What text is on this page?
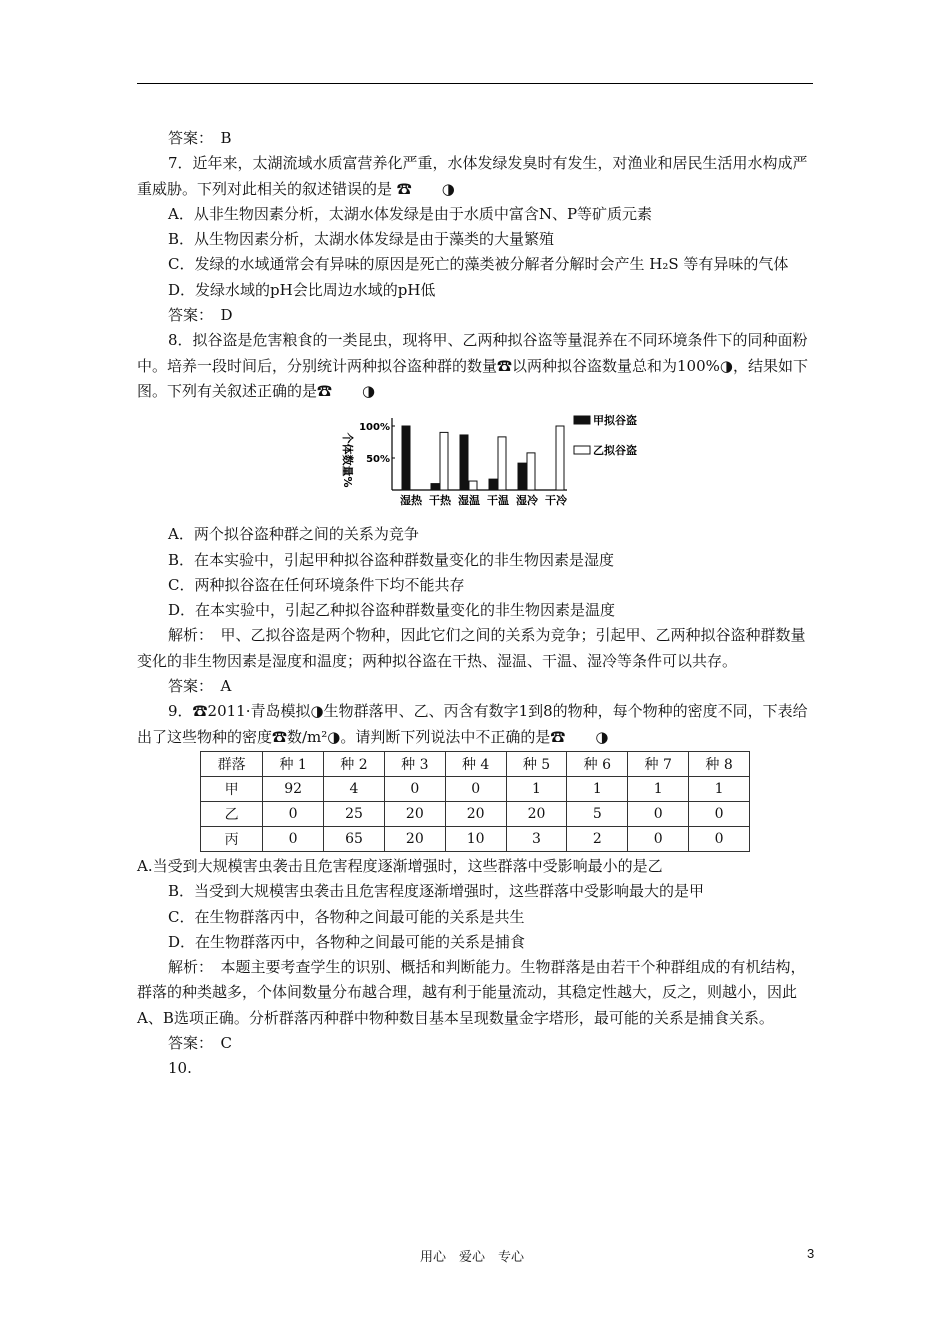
答案：　B

7．近年来，太湖流域水质富营养化严重，水体发绿发臭时有发生，对渔业和居民生活用水构成严重威胁。下列对此相关的叙述错误的是 ☎　　◑

A．从非生物因素分析，太湖水体发绿是由于水质中富含N、P等矿质元素

B．从生物因素分析，太湖水体发绿是由于藻类的大量繁殖

C．发绿的水域通常会有异味的原因是死亡的藻类被分解者分解时会产生 H₂S 等有异味的气体

D．发绿水域的pH会比周边水域的pH低

答案：　D

8．拟谷盗是危害粮食的一类昆虫，现将甲、乙两种拟谷盗等量混养在不同环境条件下的同种面粉中。培养一段时间后，分别统计两种拟谷盗种群的数量☎以两种拟谷盗数量总和为100%◑，结果如下图。下列有关叙述正确的是☎　　◑

个体数量%
100%
50%
湿热 干热 湿温 干温 湿冷 干冷
甲拟谷盗
乙拟谷盗

A．两个拟谷盗种群之间的关系为竞争

B．在本实验中，引起甲种拟谷盗种群数量变化的非生物因素是湿度

C．两种拟谷盗在任何环境条件下均不能共存

D．在本实验中，引起乙种拟谷盗种群数量变化的非生物因素是温度

解析：　甲、乙拟谷盗是两个物种，因此它们之间的关系为竞争；引起甲、乙两种拟谷盗种群数量变化的非生物因素是湿度和温度；两种拟谷盗在干热、湿温、干温、湿冷等条件可以共存。

答案：　A

9．☎2011·青岛模拟◑生物群落甲、乙、丙含有数字1到8的物种，每个物种的密度不同，下表给出了这些物种的密度☎数/m²◑。请判断下列说法中不正确的是☎　　◑

群落	种 1	种 2	种 3	种 4	种 5	种 6	种 7	种 8
甲	92	4	0	0	1	1	1	1
乙	0	25	20	20	20	5	0	0
丙	0	65	20	10	3	2	0	0

A.当受到大规模害虫袭击且危害程度逐渐增强时，这些群落中受影响最小的是乙

B．当受到大规模害虫袭击且危害程度逐渐增强时，这些群落中受影响最大的是甲

C．在生物群落丙中，各物种之间最可能的关系是共生

D．在生物群落丙中，各物种之间最可能的关系是捕食

解析：　本题主要考查学生的识别、概括和判断能力。生物群落是由若干个种群组成的有机结构，群落的种类越多，个体间数量分布越合理，越有利于能量流动，其稳定性越大，反之，则越小，因此A、B选项正确。分析群落丙种群中物种数目基本呈现数量金字塔形，最可能的关系是捕食关系。

答案：　C

10.

用心　爱心　专心	3
